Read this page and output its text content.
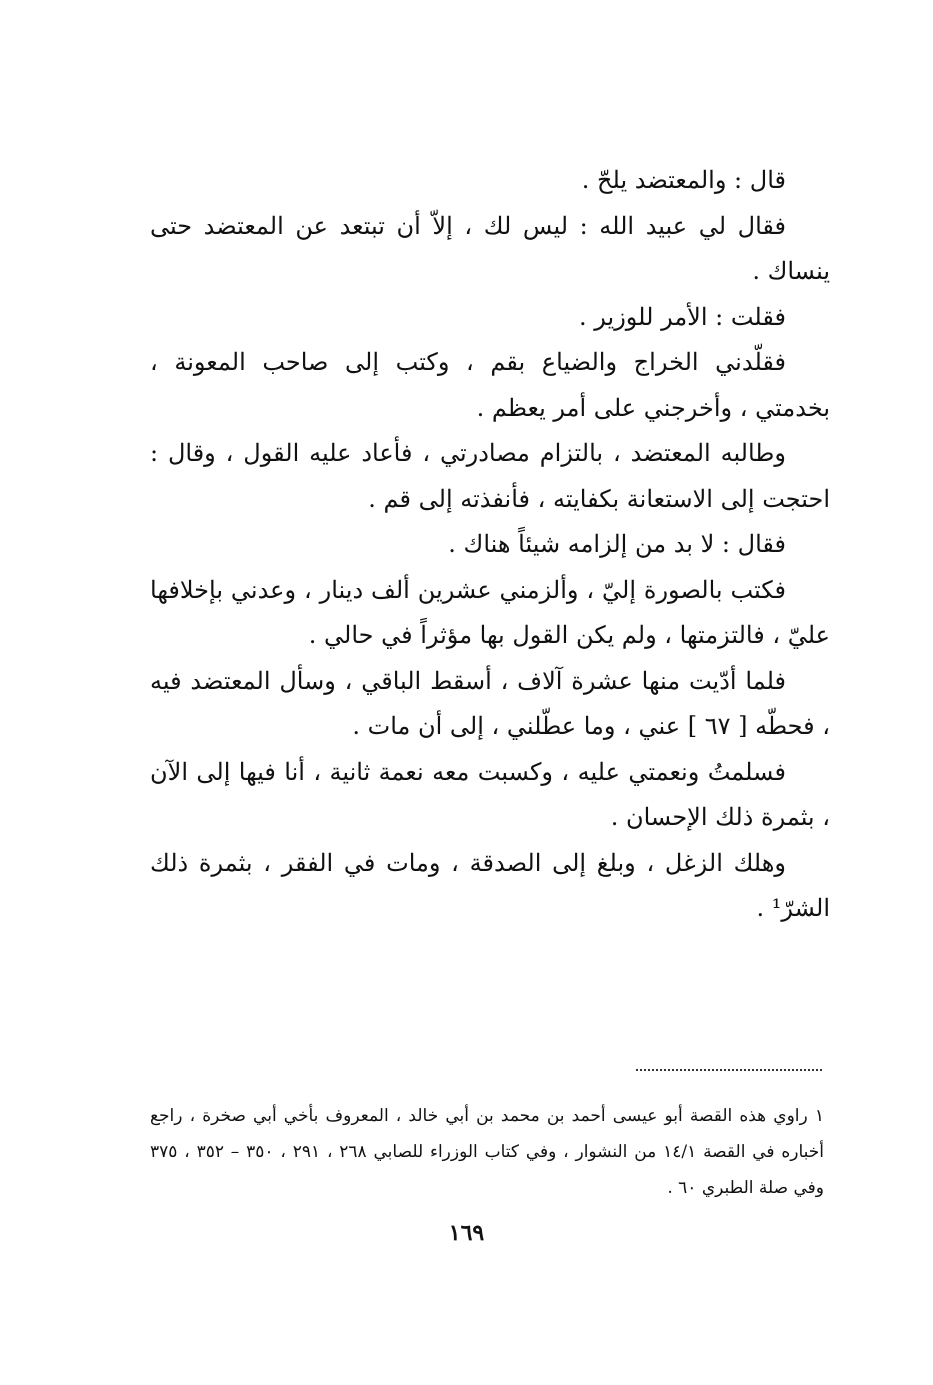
قال : والمعتضد يلحّ .

فقال لي عبيد الله : ليس لك ، إلاّ أن تبتعد عن المعتضد حتى ينساك .

فقلت : الأمر للوزير .

فقلّدني الخراج والضياع بقم ، وكتب إلى صاحب المعونة ، بخدمتي ، وأخرجني على أمر يعظم .

وطالبه المعتضد ، بالتزام مصادرتي ، فأعاد عليه القول ، وقال : احتجت إلى الاستعانة بكفايته ، فأنفذته إلى قم .

فقال : لا بد من إلزامه شيئاً هناك .

فكتب بالصورة إليّ ، وألزمني عشرين ألف دينار ، وعدني بإخلافها عليّ ، فالتزمتها ، ولم يكن القول بها مؤثراً في حالي .

فلما أدّيت منها عشرة آلاف ، أسقط الباقي ، وسأل المعتضد فيه ، فحطّه [ ٦٧ ] عني ، وما عطّلني ، إلى أن مات .

فسلمتُ ونعمتي عليه ، وكسبت معه نعمة ثانية ، أنا فيها إلى الآن ، بثمرة ذلك الإحسان .

وهلك الزغل ، وبلغ إلى الصدقة ، ومات في الفقر ، بثمرة ذلك الشرّ¹ .

١ راوي هذه القصة أبو عيسى أحمد بن محمد بن أبي خالد ، المعروف بأخي أبي صخرة ، راجع أخباره في القصة ١٤/١ من النشوار ، وفي كتاب الوزراء للصابي ٢٦٨ ، ٢٩١ ، ٣٥٠ – ٣٥٢ ، ٣٧٥ وفي صلة الطبري ٦٠ .

١٦٩
